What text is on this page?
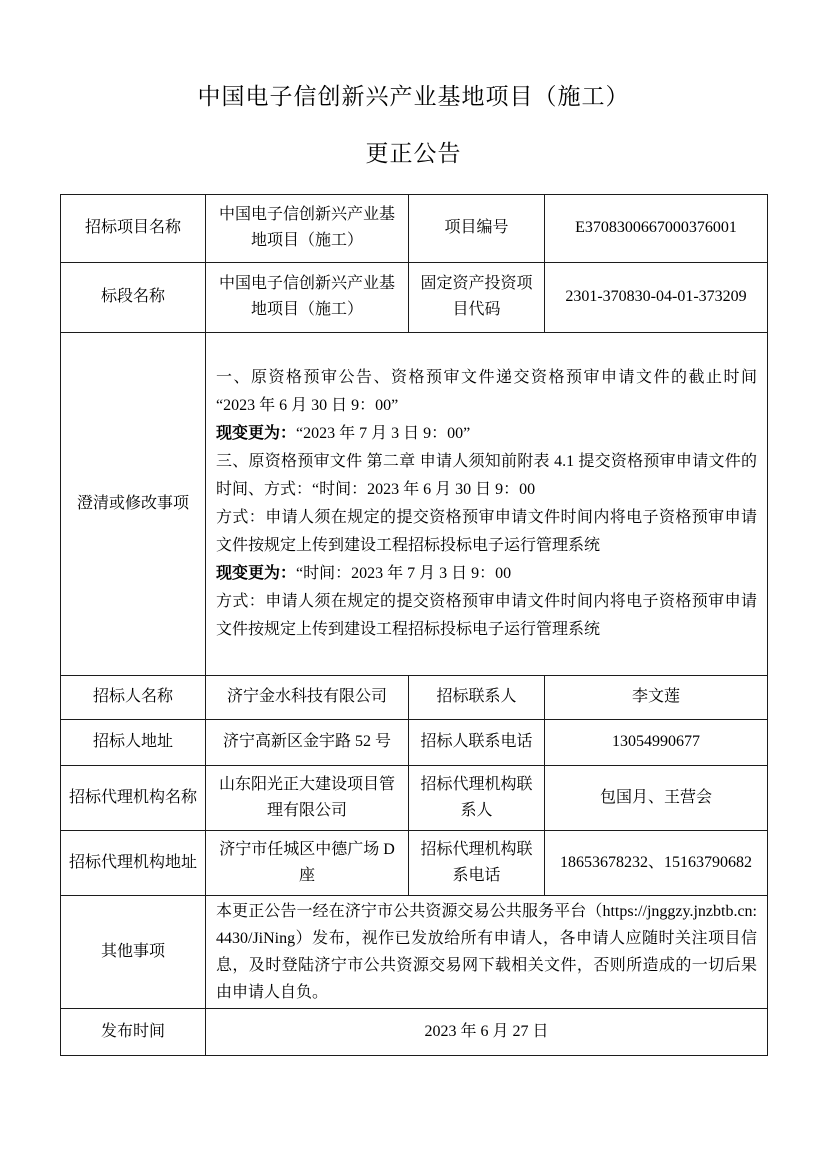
中国电子信创新兴产业基地项目（施工）
更正公告
招标项目名称	中国电子信创新兴产业基地项目（施工）	项目编号	E3708300667000376001
标段名称	中国电子信创新兴产业基地项目（施工）	固定资产投资项目代码	2301-370830-04-01-373209
澄清或修改事项	

一、原资格预审公告、资格预审文件递交资格预审申请文件的截止时间“2023 年 6 月 30 日 9：00”

现变更为：“2023 年 7 月 3 日 9：00”

三、原资格预审文件 第二章 申请人须知前附表 4.1 提交资格预审申请文件的时间、方式：“时间：2023 年 6 月 30 日 9：00

方式：申请人须在规定的提交资格预审申请文件时间内将电子资格预审申请文件按规定上传到建设工程招标投标电子运行管理系统

现变更为：“时间：2023 年 7 月 3 日 9：00

方式：申请人须在规定的提交资格预审申请文件时间内将电子资格预审申请文件按规定上传到建设工程招标投标电子运行管理系统

招标人名称	济宁金水科技有限公司	招标联系人	李文莲
招标人地址	济宁高新区金宇路 52 号	招标人联系电话	13054990677
招标代理机构名称	山东阳光正大建设项目管理有限公司	招标代理机构联系人	包国月、王营会
招标代理机构地址	济宁市任城区中德广场 D 座	招标代理机构联系电话	18653678232、15163790682
其他事项	本更正公告一经在济宁市公共资源交易公共服务平台（https://jnggzy.jnzbtb.cn:4430/JiNing）发布，视作已发放给所有申请人，各申请人应随时关注项目信息，及时登陆济宁市公共资源交易网下载相关文件，否则所造成的一切后果由申请人自负。		
发布时间	2023 年 6 月 27 日		
